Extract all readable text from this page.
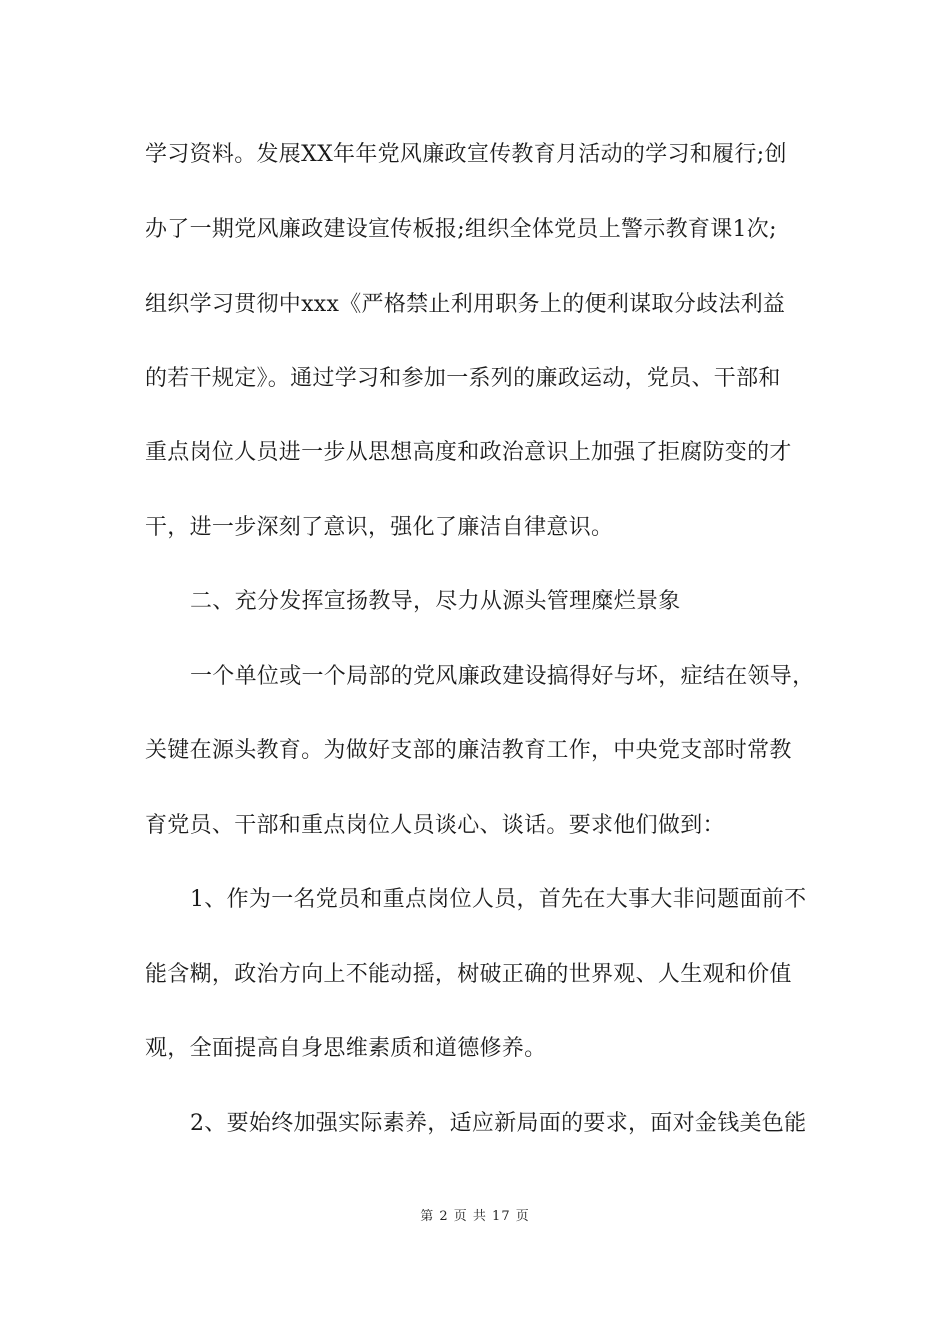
学习资料。发展XX年年党风廉政宣传教育月活动的学习和履行;创
办了一期党风廉政建设宣传板报;组织全体党员上警示教育课1次;
组织学习贯彻中xxx《严格禁止利用职务上的便利谋取分歧法利益
的若干规定》。通过学习和参加一系列的廉政运动，党员、干部和
重点岗位人员进一步从思想高度和政治意识上加强了拒腐防变的才
干，进一步深刻了意识，强化了廉洁自律意识。
二、充分发挥宣扬教导，尽力从源头管理糜烂景象
一个单位或一个局部的党风廉政建设搞得好与坏，症结在领导，
关键在源头教育。为做好支部的廉洁教育工作，中央党支部时常教
育党员、干部和重点岗位人员谈心、谈话。要求他们做到：
1、作为一名党员和重点岗位人员，首先在大事大非问题面前不
能含糊，政治方向上不能动摇，树破正确的世界观、人生观和价值
观，全面提高自身思维素质和道德修养。
2、要始终加强实际素养，适应新局面的要求，面对金钱美色能
第 2 页 共 17 页
